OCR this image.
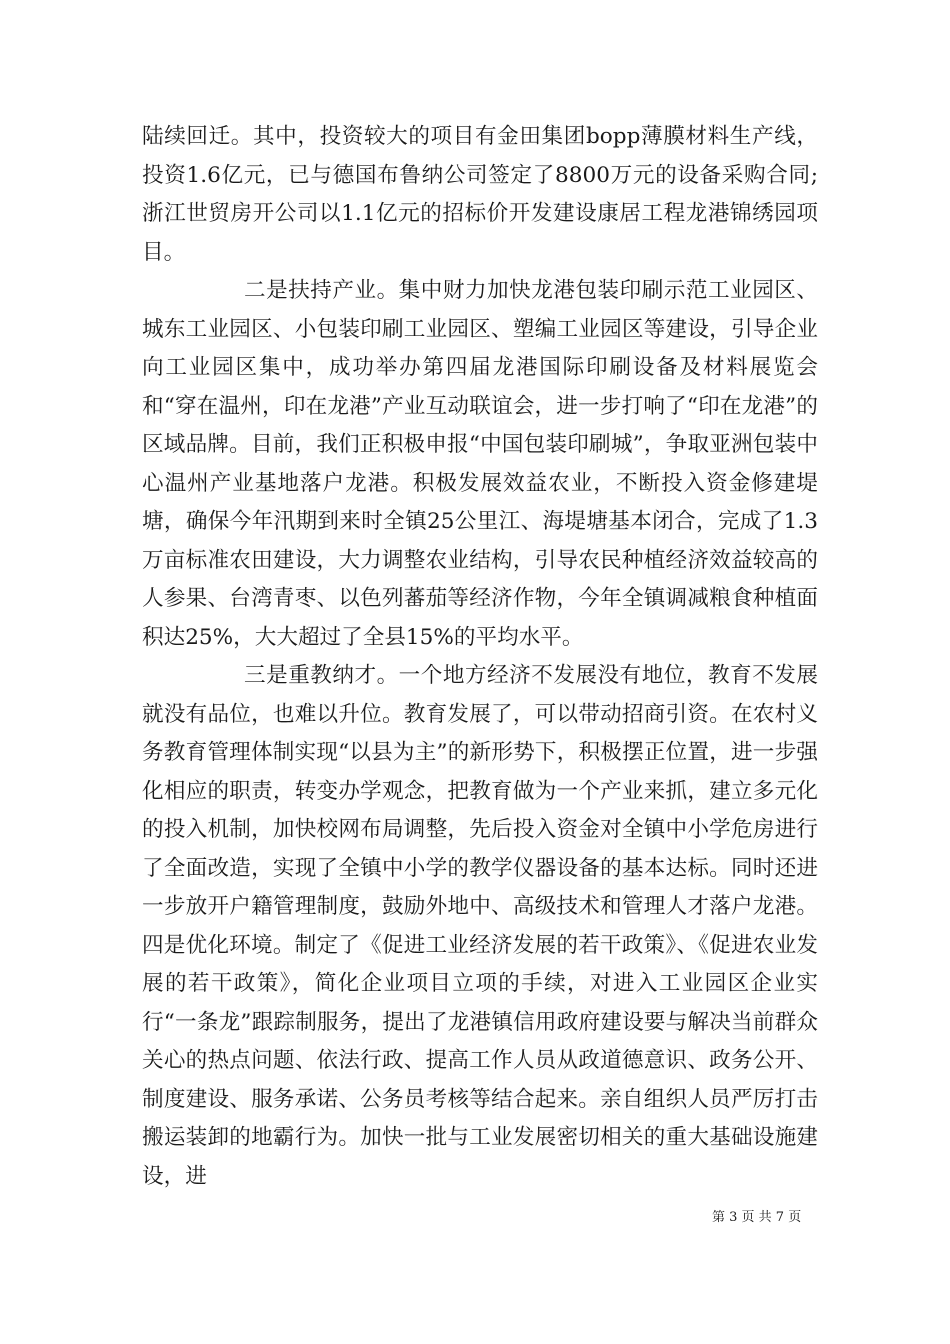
陆续回迁。其中，投资较大的项目有金田集团bopp薄膜材料生产线，投资1.6亿元，已与德国布鲁纳公司签定了8800万元的设备采购合同;浙江世贸房开公司以1.1亿元的招标价开发建设康居工程龙港锦绣园项目。

二是扶持产业。集中财力加快龙港包装印刷示范工业园区、城东工业园区、小包装印刷工业园区、塑编工业园区等建设，引导企业向工业园区集中，成功举办第四届龙港国际印刷设备及材料展览会和“穿在温州，印在龙港”产业互动联谊会，进一步打响了“印在龙港”的区域品牌。目前，我们正积极申报“中国包装印刷城”，争取亚洲包装中心温州产业基地落户龙港。积极发展效益农业，不断投入资金修建堤塘，确保今年汛期到来时全镇25公里江、海堤塘基本闭合，完成了1.3万亩标准农田建设，大力调整农业结构，引导农民种植经济效益较高的人参果、台湾青枣、以色列蕃茄等经济作物，今年全镇调减粮食种植面积达25%，大大超过了全县15%的平均水平。

三是重教纳才。一个地方经济不发展没有地位，教育不发展就没有品位，也难以升位。教育发展了，可以带动招商引资。在农村义务教育管理体制实现“以县为主”的新形势下，积极摆正位置，进一步强化相应的职责，转变办学观念，把教育做为一个产业来抓，建立多元化的投入机制，加快校网布局调整，先后投入资金对全镇中小学危房进行了全面改造，实现了全镇中小学的教学仪器设备的基本达标。同时还进一步放开户籍管理制度，鼓励外地中、高级技术和管理人才落户龙港。四是优化环境。制定了《促进工业经济发展的若干政策》、《促进农业发展的若干政策》，简化企业项目立项的手续，对进入工业园区企业实行“一条龙”跟踪制服务，提出了龙港镇信用政府建设要与解决当前群众关心的热点问题、依法行政、提高工作人员从政道德意识、政务公开、制度建设、服务承诺、公务员考核等结合起来。亲自组织人员严厉打击搬运装卸的地霸行为。加快一批与工业发展密切相关的重大基础设施建设，进

第 3 页 共 7 页
